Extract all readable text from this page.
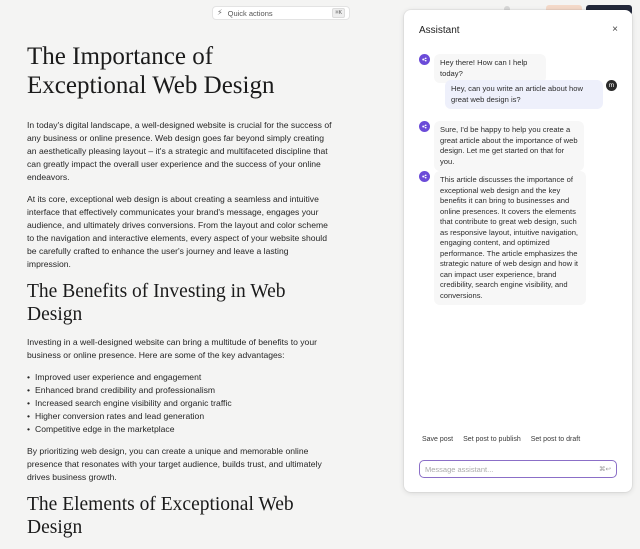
⚡︎ Quick actions	⌘K
The Importance of Exceptional Web Design

In today's digital landscape, a well-designed website is crucial for the success of any business or online presence. Web design goes far beyond simply creating an aesthetically pleasing layout – it's a strategic and multifaceted discipline that can greatly impact the overall user experience and the success of your online endeavors.

At its core, exceptional web design is about creating a seamless and intuitive interface that effectively communicates your brand's message, engages your audience, and ultimately drives conversions. From the layout and color scheme to the navigation and interactive elements, every aspect of your website should be carefully crafted to enhance the user's journey and leave a lasting impression.

The Benefits of Investing in Web Design

Investing in a well-designed website can bring a multitude of benefits to your business or online presence. Here are some of the key advantages:

• Improved user experience and engagement
• Enhanced brand credibility and professionalism
• Increased search engine visibility and organic traffic
• Higher conversion rates and lead generation
• Competitive edge in the marketplace

By prioritizing web design, you can create a unique and memorable online presence that resonates with your target audience, builds trust, and ultimately drives business growth.

The Elements of Exceptional Web Design
Assistant	×
Hey there! How can I help today?
Hey, can you write an article about how great web design is?
m
Sure, I'd be happy to help you create a great article about the importance of web design. Let me get started on that for you.
This article discusses the importance of exceptional web design and the key benefits it can bring to businesses and online presences. It covers the elements that contribute to great web design, such as responsive layout, intuitive navigation, engaging content, and optimized performance. The article emphasizes the strategic nature of web design and how it can impact user experience, brand credibility, search engine visibility, and conversions.
Save post Set post to publish Set post to draft
Message assistant...
⌘↩
